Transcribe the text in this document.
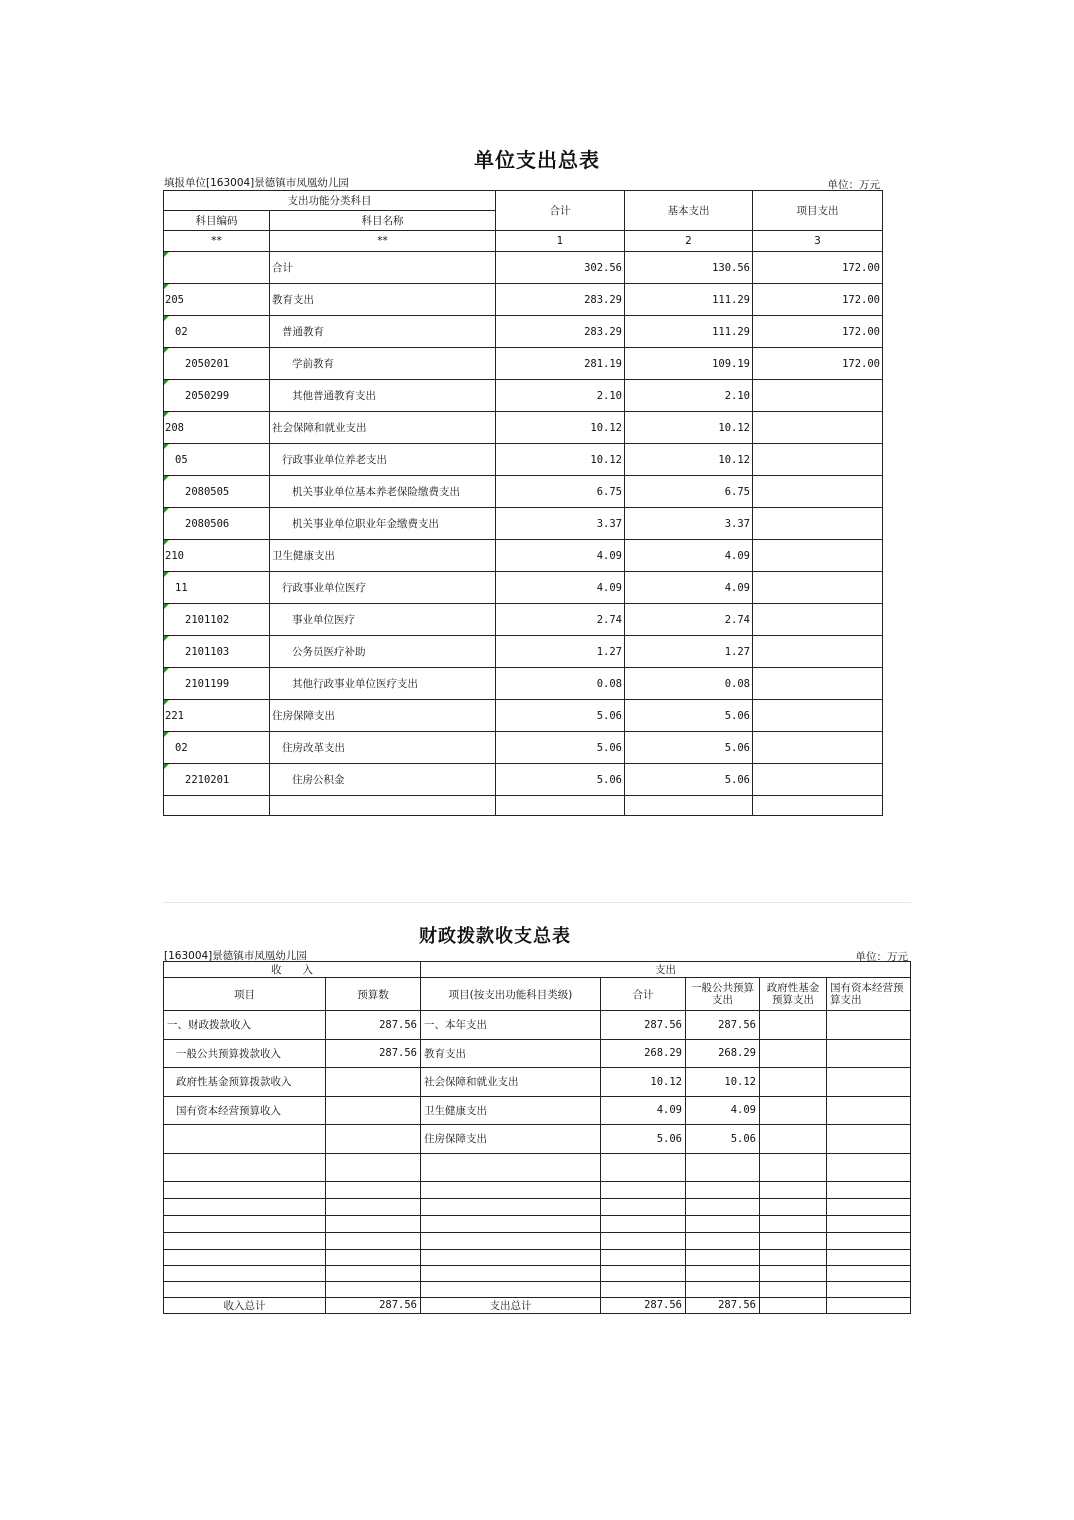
单位支出总表
填报单位[163004]景德镇市凤凰幼儿园	单位：万元
支出功能分类科目		合计	基本支出	项目支出
科目编码	科目名称			
**	**	1	2	3
	合计	302.56	130.56	172.00
205	教育支出	283.29	111.29	172.00
02	普通教育	283.29	111.29	172.00
2050201	学前教育	281.19	109.19	172.00
2050299	其他普通教育支出	2.10	2.10	
208	社会保障和就业支出	10.12	10.12	
05	行政事业单位养老支出	10.12	10.12	
2080505	机关事业单位基本养老保险缴费支出	6.75	6.75	
2080506	机关事业单位职业年金缴费支出	3.37	3.37	
210	卫生健康支出	4.09	4.09	
11	行政事业单位医疗	4.09	4.09	
2101102	事业单位医疗	2.74	2.74	
2101103	公务员医疗补助	1.27	1.27	
2101199	其他行政事业单位医疗支出	0.08	0.08	
221	住房保障支出	5.06	5.06	
02	住房改革支出	5.06	5.06	
2210201	住房公积金	5.06	5.06	

财政拨款收支总表
[163004]景德镇市凤凰幼儿园	单位：万元
收　　入		支出				
项目	预算数	项目(按支出功能科目类级)	合计	一般公共预算支出	政府性基金预算支出	国有资本经营预算支出
一、财政拨款收入	287.56	一、本年支出	287.56	287.56		
一般公共预算拨款收入	287.56	教育支出	268.29	268.29		
政府性基金预算拨款收入		社会保障和就业支出	10.12	10.12		
国有资本经营预算收入		卫生健康支出	4.09	4.09		
		住房保障支出	5.06	5.06		

收入总计	287.56	支出总计	287.56	287.56		
